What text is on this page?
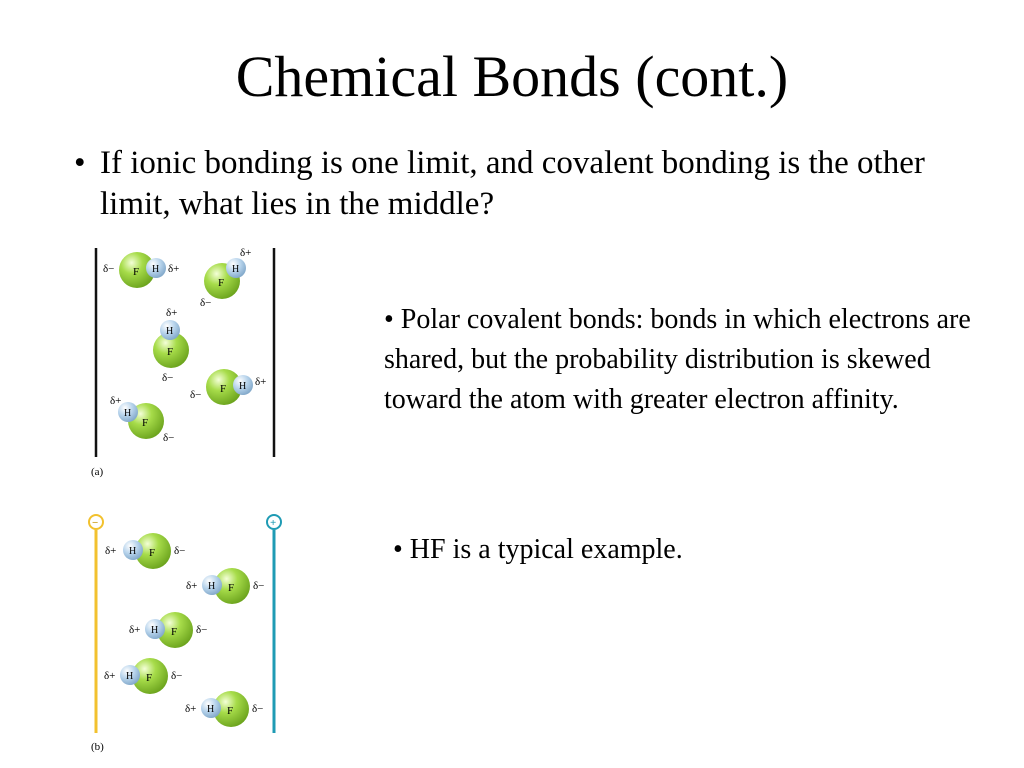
Chemical Bonds (cont.)
• If ionic bonding is one limit, and covalent bonding is the other limit, what lies in the middle?
• Polar covalent bonds: bonds in which electrons are shared, but the probability distribution is skewed toward the atom with greater electron affinity.
• HF is a typical example.
(a)
F H
δ−	δ+
F
H
δ+
δ−
F
H
δ+
δ−
F H
δ−
δ+
F
H
δ+
δ−
−	+
(b)
F
H
δ+	δ−
F
H
δ+	δ−
F
H
δ+	δ−
F
H
δ+	δ−
F
H
δ+	δ−
